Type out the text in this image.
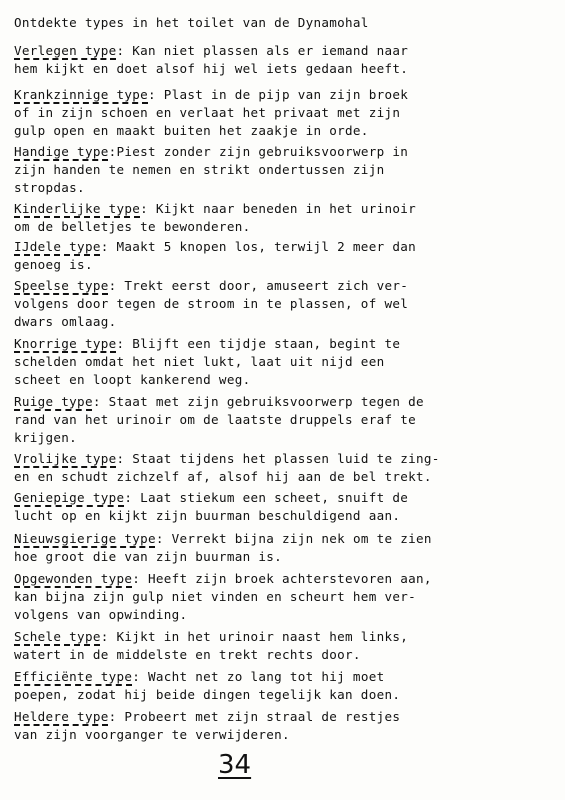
Ontdekte types in het toilet van de Dynamohal
Verlegen type: Kan niet plassen als er iemand naar
hem kijkt en doet alsof hij wel iets gedaan heeft.
Krankzinnige type: Plast in de pijp van zijn broek
of in zijn schoen en verlaat het privaat met zijn
gulp open en maakt buiten het zaakje in orde.
Handige type:Piest zonder zijn gebruiksvoorwerp in
zijn handen te nemen en strikt ondertussen zijn
stropdas.
Kinderlijke type: Kijkt naar beneden in het urinoir
om de belletjes te bewonderen.
IJdele type: Maakt 5 knopen los, terwijl 2 meer dan
genoeg is.
Speelse type: Trekt eerst door, amuseert zich ver-
volgens door tegen de stroom in te plassen, of wel
dwars omlaag.
Knorrige type: Blijft een tijdje staan, begint te
schelden omdat het niet lukt, laat uit nijd een
scheet en loopt kankerend weg.
Ruige type: Staat met zijn gebruiksvoorwerp tegen de
rand van het urinoir om de laatste druppels eraf te
krijgen.
Vrolijke type: Staat tijdens het plassen luid te zing-
en en schudt zichzelf af, alsof hij aan de bel trekt.
Geniepige type: Laat stiekum een scheet, snuift de
lucht op en kijkt zijn buurman beschuldigend aan.
Nieuwsgierige type: Verrekt bijna zijn nek om te zien
hoe groot die van zijn buurman is.
Opgewonden type: Heeft zijn broek achterstevoren aan,
kan bijna zijn gulp niet vinden en scheurt hem ver-
volgens van opwinding.
Schele type: Kijkt in het urinoir naast hem links,
watert in de middelste en trekt rechts door.
Efficiënte type: Wacht net zo lang tot hij moet
poepen, zodat hij beide dingen tegelijk kan doen.
Heldere type: Probeert met zijn straal de restjes
van zijn voorganger te verwijderen.
34
